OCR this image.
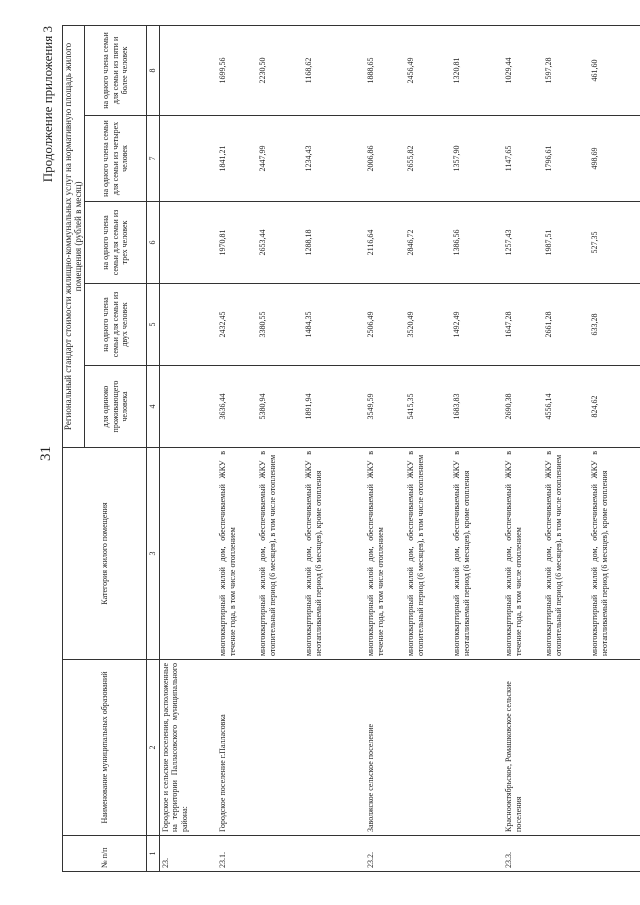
31
Продолжение приложения 3
№ п/п	Наименование муниципальных образований	Категория жилого помещения	Региональный стандарт стоимости жилищно-коммунальных услуг на нормативную площадь жилого помещения (рублей в месяц)				
			для одиноко проживающего человека	на одного члена семьи для семьи из двух человек	на одного члена семьи для семьи из трех человек	на одного члена семьи для семьи из четырех человек	на одного члена семьи для семьи из пяти и более человек
1	2	3	4	5	6	7	8
23.	Городское и сельские поселения, расположенные на территории Палласовского муниципального района:						
23.1.	Городское поселение г.Палласовка	многоквартирный жилой дом, обеспечиваемый ЖКУ в течение года, в том числе отоплением	3636,44	2432,45	1970,81	1841,21	1699,56
		многоквартирный жилой дом, обеспечиваемый ЖКУ в отопительный период (6 месяцев), в том числе отоплением	5380,94	3380,55	2653,44	2447,99	2230,50
		многоквартирный жилой дом, обеспечиваемый ЖКУ в неотапливаемый период (6 месяцев), кроме отопления	1891,94	1484,35	1288,18	1234,43	1168,62
23.2.	Заволжское сельское поселение	многоквартирный жилой дом, обеспечиваемый ЖКУ в течение года, в том числе отоплением	3549,59	2506,49	2116,64	2006,86	1888,65
		многоквартирный жилой дом, обеспечиваемый ЖКУ в отопительный период (6 месяцев), в том числе отоплением	5415,35	3520,49	2846,72	2655,82	2456,49
		многоквартирный жилой дом, обеспечиваемый ЖКУ в неотапливаемый период (6 месяцев), кроме отопления	1683,83	1492,49	1386,56	1357,90	1320,81
23.3.	Краснооктябрьское, Ромашковское сельские поселения	многоквартирный жилой дом, обеспечиваемый ЖКУ в течение года, в том числе отоплением	2690,38	1647,28	1257,43	1147,65	1029,44
		многоквартирный жилой дом, обеспечиваемый ЖКУ в отопительный период (6 месяцев), в том числе отоплением	4556,14	2661,28	1987,51	1796,61	1597,28
		многоквартирный жилой дом, обеспечиваемый ЖКУ в неотапливаемый период (6 месяцев), кроме отопления	824,62	633,28	527,35	498,69	461,60
